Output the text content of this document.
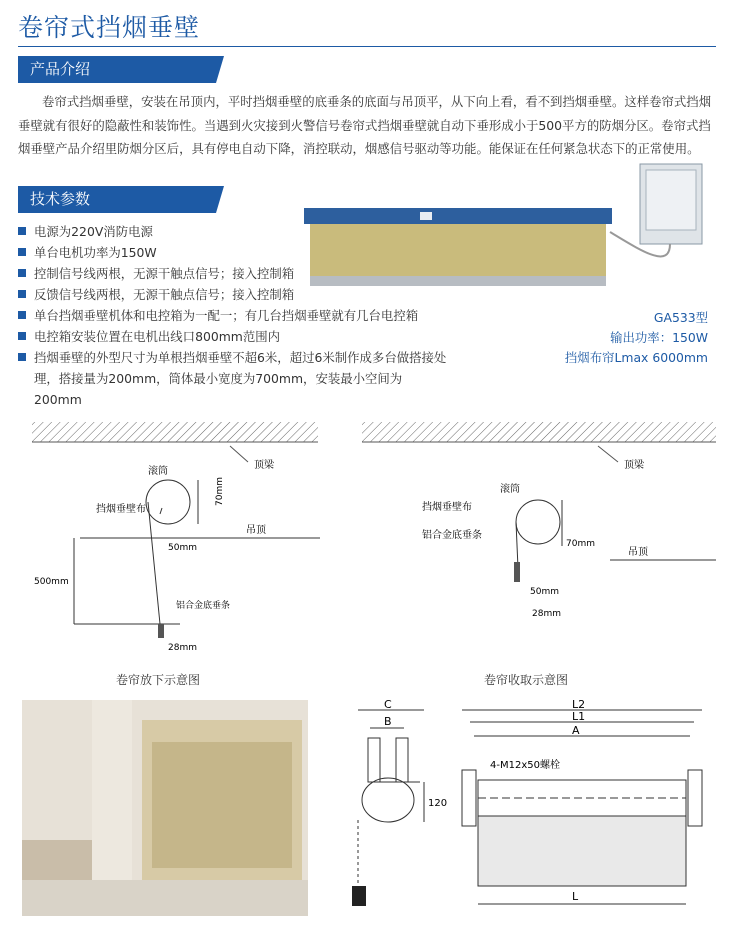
卷帘式挡烟垂壁
产品介绍
卷帘式挡烟垂壁，安装在吊顶内，平时挡烟垂壁的底垂条的底面与吊顶平，从下向上看，看不到挡烟垂壁。这样卷帘式挡烟垂壁就有很好的隐蔽性和装饰性。当遇到火灾接到火警信号卷帘式挡烟垂壁就自动下垂形成小于500平方的防烟分区。卷帘式挡烟垂壁产品介绍里防烟分区后，具有停电自动下降，消控联动，烟感信号驱动等功能。能保证在任何紧急状态下的正常使用。
技术参数
电源为220V消防电源
单台电机功率为150W
控制信号线两根，无源干触点信号；接入控制箱
反馈信号线两根，无源干触点信号；接入控制箱
单台挡烟垂壁机体和电控箱为一配一；有几台挡烟垂壁就有几台电控箱
电控箱安装位置在电机出线口800mm范围内
挡烟垂壁的外型尺寸为单根挡烟垂壁不超6米，超过6米制作成多台做搭接处理，搭接量为200mm，筒体最小宽度为700mm，安装最小空间为200mm
GA533型
输出功率：150W
挡烟布帘Lmax 6000mm
顶梁
滚筒
70mm
挡烟垂壁布
吊顶
50mm
500mm
铝合金底垂条
28mm
卷帘放下示意图
顶梁
滚筒
70mm
挡烟垂壁布
铝合金底垂条
吊顶
50mm
28mm
卷帘收取示意图
C
B
120
L2
L1
A
4-M12x50螺栓
L
